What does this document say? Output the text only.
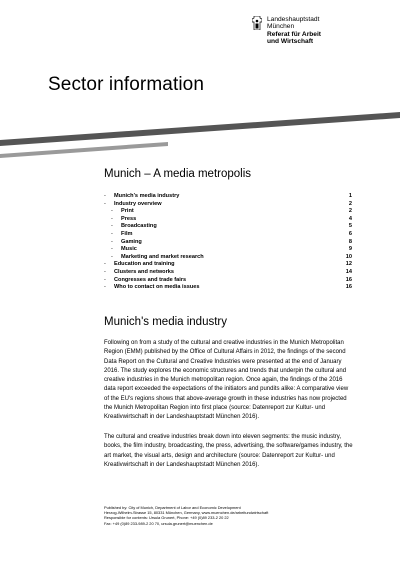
Landeshauptstadt
München
Referat für Arbeit
und Wirtschaft
Sector information
Munich – A media metropolis
- Munich's media industry	1
- Industry overview	2
- Print	2
- Press	4
- Broadcasting	5
- Film	6
- Gaming	8
- Music	9
- Marketing and market research	10
- Education and training	12
- Clusters and networks	14
- Congresses and trade fairs	16
- Who to contact on media issues	16
Munich's media industry
Following on from a study of the cultural and creative industries in the Munich Metropolitan Region (EMM) published by the Office of Cultural Affairs in 2012, the findings of the second Data Report on the Cultural and Creative Industries were presented at the end of January 2016. The study explores the economic structures and trends that underpin the cultural and creative industries in the Munich metropolitan region. Once again, the findings of the 2016 data report exceeded the expectations of the initiators and pundits alike: A comparative view of the EU's regions shows that above-average growth in these industries has now projected the Munich Metropolitan Region into first place (source: Datenreport zur Kultur- und Kreativwirtschaft in der Landeshauptstadt München 2016).
The cultural and creative industries break down into eleven segments: the music industry, books, the film industry, broadcasting, the press, advertising, the software/games industry, the art market, the visual arts, design and architecture (source: Datenreport zur Kultur- und Kreativwirtschaft in der Landeshauptstadt München 2016).
Published by: City of Munich, Department of Labor and Economic Development
Herzog-Wilhelm-Strasse 15, 80331 München, Germany, www.muenchen.de/arbeitundwirtschaft
Responsible for contents: Ursula Grunert, Phone: +49 (0)89 233-2 20 22
Fax: +49 (0)89 233-989-2 20 70, ursula.grunert@muenchen.de
